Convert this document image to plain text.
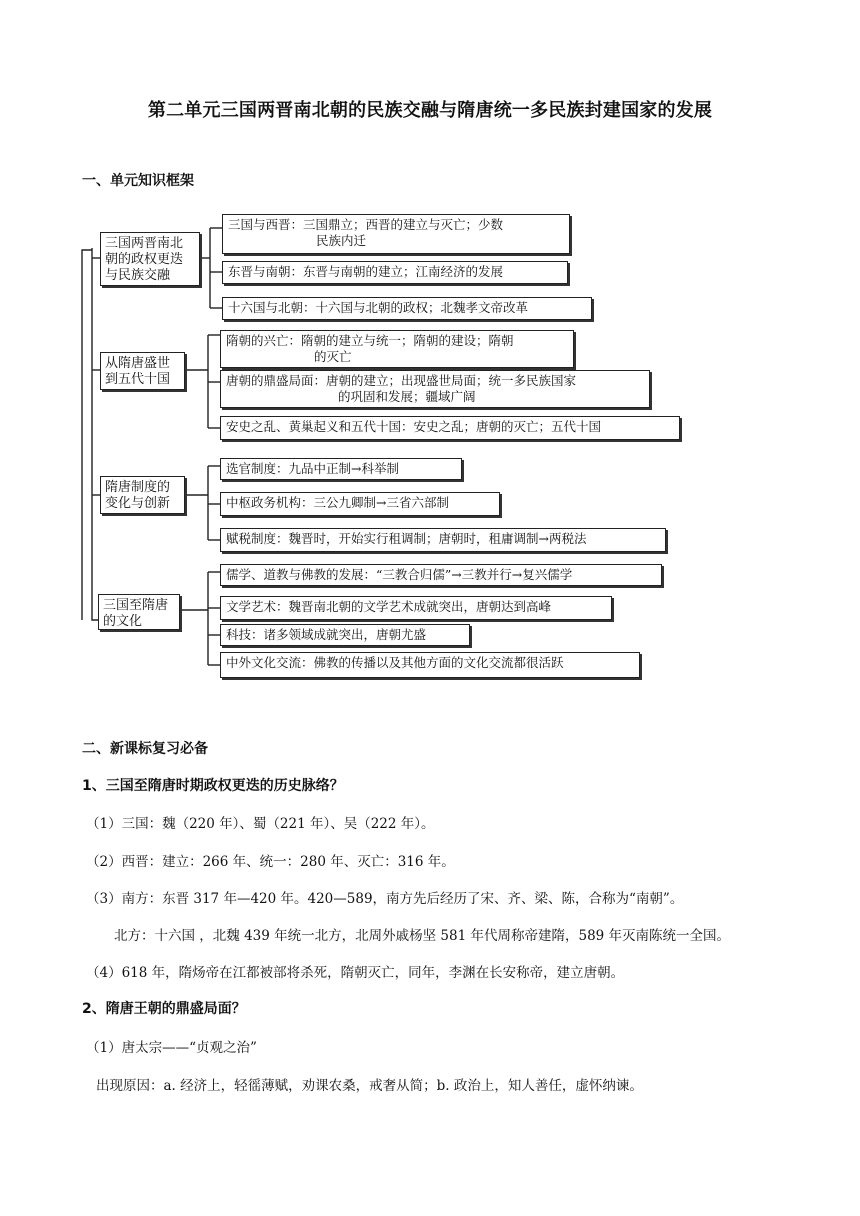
第二单元三国两晋南北朝的民族交融与隋唐统一多民族封建国家的发展
一、单元知识框架
三国两晋南北
朝的政权更迭
与民族交融
从隋唐盛世
到五代十国
隋唐制度的
变化与创新
三国至隋唐
的文化
三国与西晋：三国鼎立；西晋的建立与灭亡；少数
民族内迁
东晋与南朝：东晋与南朝的建立；江南经济的发展
十六国与北朝：十六国与北朝的政权；北魏孝文帝改革
隋朝的兴亡：隋朝的建立与统一；隋朝的建设；隋朝
的灭亡
唐朝的鼎盛局面：唐朝的建立；出现盛世局面；统一多民族国家
的巩固和发展；疆域广阔
安史之乱、黄巢起义和五代十国：安史之乱；唐朝的灭亡；五代十国
选官制度：九品中正制→科举制
中枢政务机构：三公九卿制→三省六部制
赋税制度：魏晋时，开始实行租调制；唐朝时，租庸调制→两税法
儒学、道教与佛教的发展：“三教合归儒”→三教并行→复兴儒学
文学艺术：魏晋南北朝的文学艺术成就突出，唐朝达到高峰
科技：诸多领域成就突出，唐朝尤盛
中外文化交流：佛教的传播以及其他方面的文化交流都很活跃
二、新课标复习必备
1、三国至隋唐时期政权更迭的历史脉络？
（1）三国：魏（220 年）、蜀（221 年）、吴（222 年）。
（2）西晋：建立：266 年、统一：280 年、灭亡：316 年。
（3）南方：东晋 317 年—420 年。420—589，南方先后经历了宋、齐、梁、陈，合称为“南朝”。
北方：十六国 ，北魏 439 年统一北方，北周外戚杨坚 581 年代周称帝建隋，589 年灭南陈统一全国。
（4）618 年，隋炀帝在江都被部将杀死，隋朝灭亡，同年，李渊在长安称帝，建立唐朝。
2、隋唐王朝的鼎盛局面？
（1）唐太宗——“贞观之治”
出现原因：a. 经济上，轻徭薄赋，劝课农桑，戒奢从简；b. 政治上，知人善任，虚怀纳谏。
